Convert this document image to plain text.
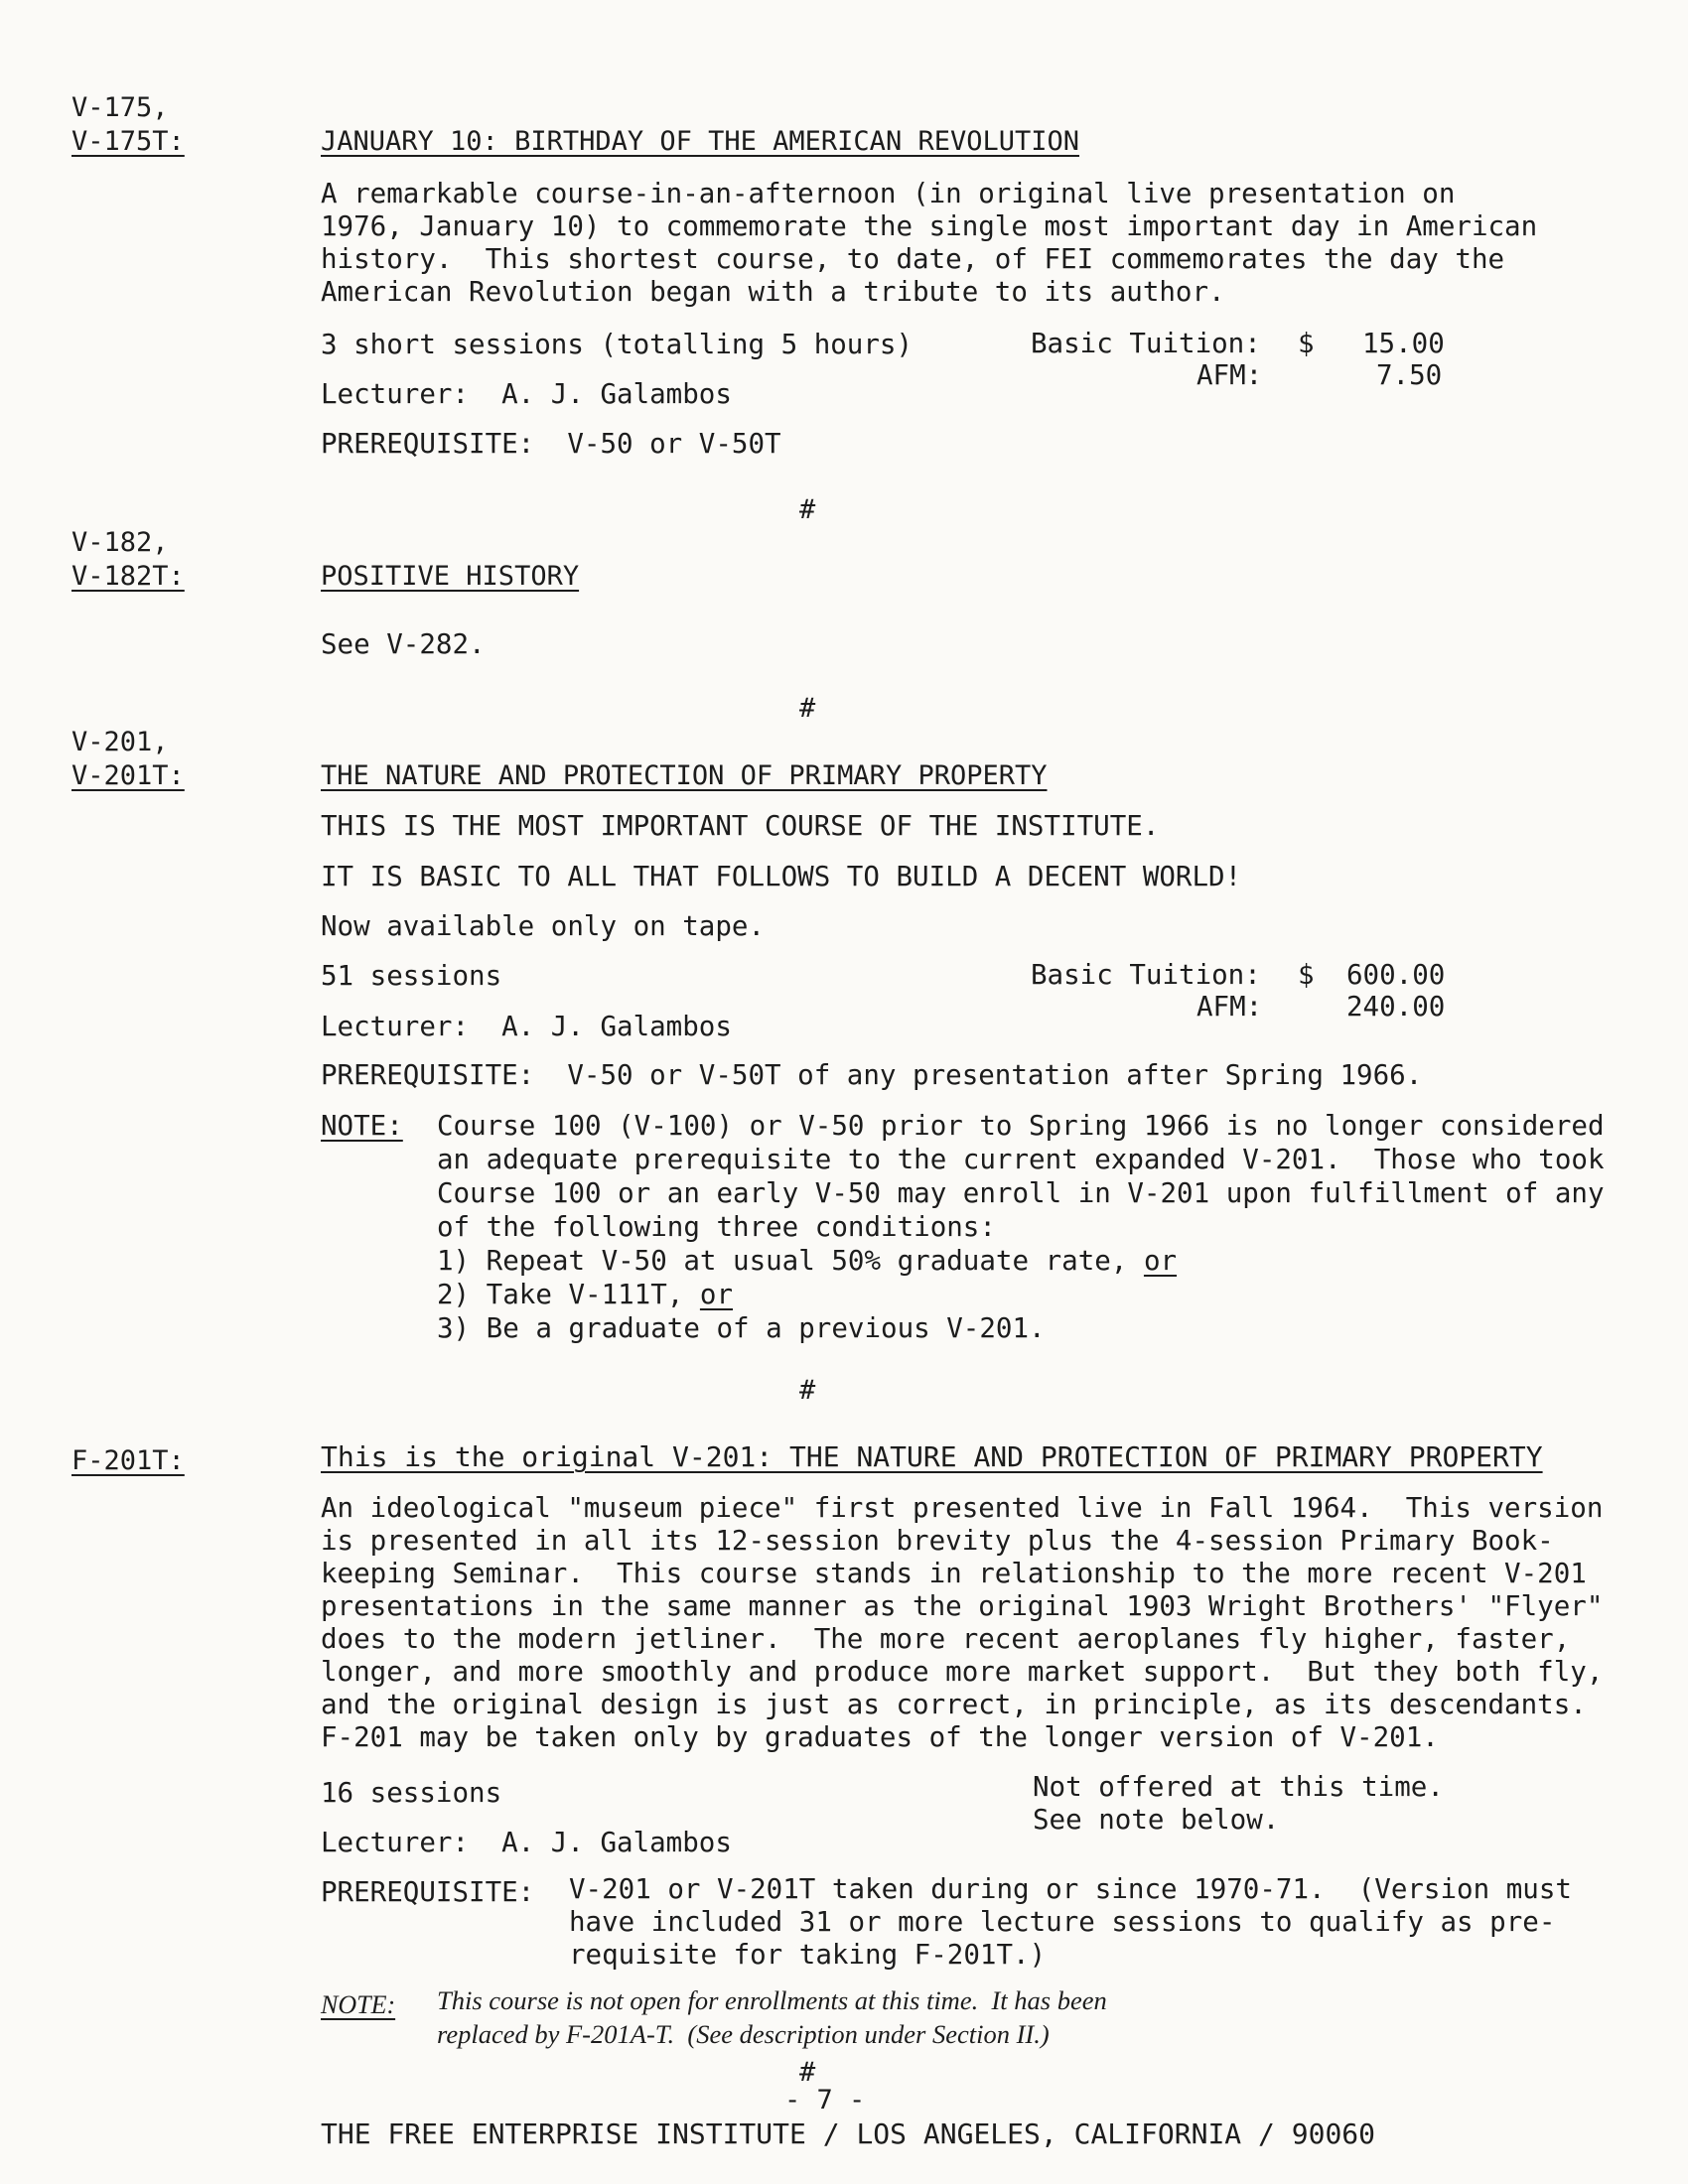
V-175,
V-175T:	JANUARY 10: BIRTHDAY OF THE AMERICAN REVOLUTION
A remarkable course-in-an-afternoon (in original live presentation on
1976, January 10) to commemorate the single most important day in American
history.  This shortest course, to date, of FEI commemorates the day the
American Revolution began with a tribute to its author.
3 short sessions (totalling 5 hours)	Basic Tuition: $ 15.00
AFM:	7.50
Lecturer:  A. J. Galambos
PREREQUISITE:  V-50 or V-50T
#
V-182,
V-182T:	POSITIVE HISTORY
See V-282.
#
V-201,
V-201T:	THE NATURE AND PROTECTION OF PRIMARY PROPERTY
THIS IS THE MOST IMPORTANT COURSE OF THE INSTITUTE.
IT IS BASIC TO ALL THAT FOLLOWS TO BUILD A DECENT WORLD!
Now available only on tape.
51 sessions	Basic Tuition: $ 600.00
AFM:	240.00
Lecturer:  A. J. Galambos
PREREQUISITE:  V-50 or V-50T of any presentation after Spring 1966.
NOTE: Course 100 (V-100) or V-50 prior to Spring 1966 is no longer considered
an adequate prerequisite to the current expanded V-201.  Those who took
Course 100 or an early V-50 may enroll in V-201 upon fulfillment of any
of the following three conditions:
1) Repeat V-50 at usual 50% graduate rate, or
2) Take V-111T, or
3) Be a graduate of a previous V-201.
#
F-201T:	This is the original V-201: THE NATURE AND PROTECTION OF PRIMARY PROPERTY
An ideological "museum piece" first presented live in Fall 1964.  This version
is presented in all its 12-session brevity plus the 4-session Primary Book-
keeping Seminar.  This course stands in relationship to the more recent V-201
presentations in the same manner as the original 1903 Wright Brothers' "Flyer"
does to the modern jetliner.  The more recent aeroplanes fly higher, faster,
longer, and more smoothly and produce more market support.  But they both fly,
and the original design is just as correct, in principle, as its descendants.
F-201 may be taken only by graduates of the longer version of V-201.
16 sessions	Not offered at this time.
See note below.
Lecturer:  A. J. Galambos
PREREQUISITE: V-201 or V-201T taken during or since 1970-71.  (Version must
have included 31 or more lecture sessions to qualify as pre-
requisite for taking F-201T.)
NOTE: This course is not open for enrollments at this time.  It has been
replaced by F-201A-T.  (See description under Section II.)
#
- 7 -
THE FREE ENTERPRISE INSTITUTE / LOS ANGELES, CALIFORNIA / 90060
